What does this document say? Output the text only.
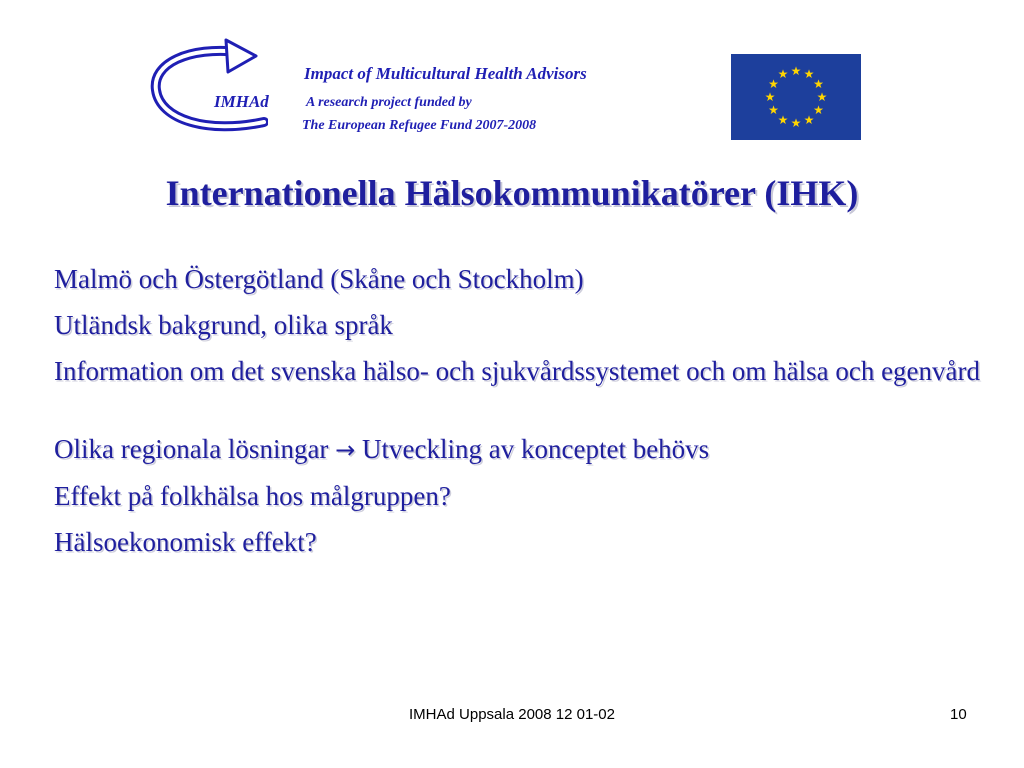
IMHAd
Impact of Multicultural Health Advisors
A research project funded by
The European Refugee Fund 2007-2008
★ ★
★
★
★
★
★
★
★
★
★
★
Internationella Hälsokommunikatörer (IHK)
Malmö och Östergötland (Skåne och Stockholm)
Utländsk bakgrund, olika språk
Information om det svenska hälso- och sjukvårdssystemet och om hälsa och egenvård
Olika regionala lösningar → Utveckling av konceptet behövs
Effekt på folkhälsa hos målgruppen?
Hälsoekonomisk effekt?
IMHAd Uppsala 2008 12 01-02	10
